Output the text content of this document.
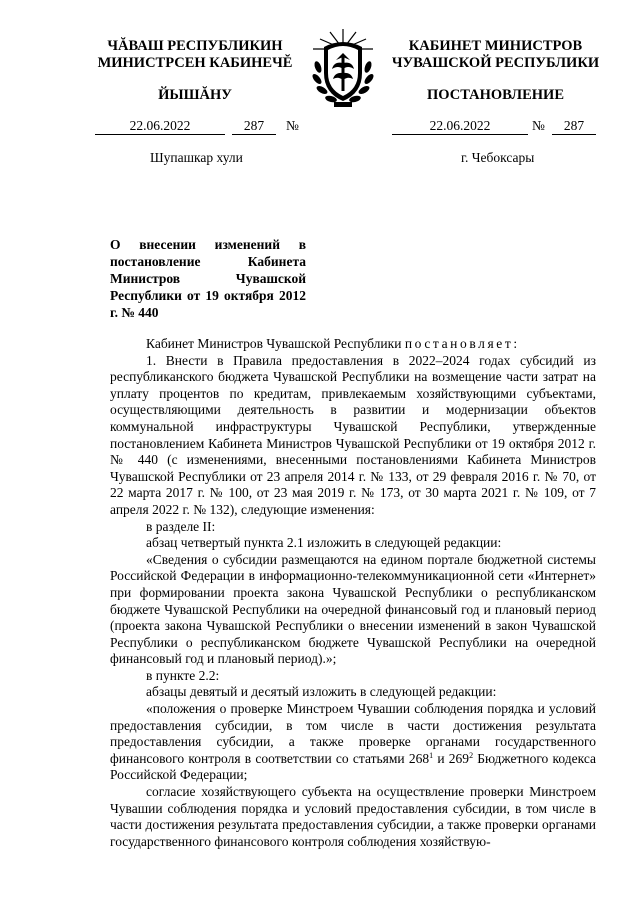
ЧĂВАШ РЕСПУБЛИКИН
МИНИСТРСЕН КАБИНЕЧĔ
ЙЫШĂНУ
КАБИНЕТ МИНИСТРОВ
ЧУВАШСКОЙ РЕСПУБЛИКИ
ПОСТАНОВЛЕНИЕ
22.06.2022	287	№	22.06.2022	№	287
Шупашкар хули	г. Чебоксары
О внесении изменений в постановление Кабинета Министров Чувашской Республики от 19 октября 2012 г. № 440

Кабинет Министров Чувашской Республики постановляет:

1. Внести в Правила предоставления в 2022–2024 годах субсидий из республиканского бюджета Чувашской Республики на возмещение части затрат на уплату процентов по кредитам, привлекаемым хозяйствующими субъектами, осуществляющими деятельность в развитии и модернизации объектов коммунальной инфраструктуры Чувашской Республики, утвержденные постановлением Кабинета Министров Чувашской Республики от 19 октября 2012 г. № 440 (с изменениями, внесенными постановлениями Кабинета Министров Чувашской Республики от 23 апреля 2014 г. № 133, от 29 февраля 2016 г. № 70, от 22 марта 2017 г. № 100, от 23 мая 2019 г. № 173, от 30 марта 2021 г. № 109, от 7 апреля 2022 г. № 132), следующие изменения:

в разделе II:

абзац четвертый пункта 2.1 изложить в следующей редакции:

«Сведения о субсидии размещаются на едином портале бюджетной системы Российской Федерации в информационно-телекоммуникационной сети «Интернет» при формировании проекта закона Чувашской Республики о республиканском бюджете Чувашской Республики на очередной финансовый год и плановый период (проекта закона Чувашской Республики о внесении изменений в закон Чувашской Республики о республиканском бюджете Чувашской Республики на очередной финансовый год и плановый период).»;

в пункте 2.2:

абзацы девятый и десятый изложить в следующей редакции:

«положения о проверке Минстроем Чувашии соблюдения порядка и условий предоставления субсидии, в том числе в части достижения результата предоставления субсидии, а также проверке органами государственного финансового контроля в соответствии со статьями $268^1$ и $269^2$ Бюджетного кодекса Российской Федерации;

согласие хозяйствующего субъекта на осуществление проверки Минстроем Чувашии соблюдения порядка и условий предоставления субсидии, в том числе в части достижения результата предоставления субсидии, а также проверки органами государственного финансового контроля соблюдения хозяйствую-
